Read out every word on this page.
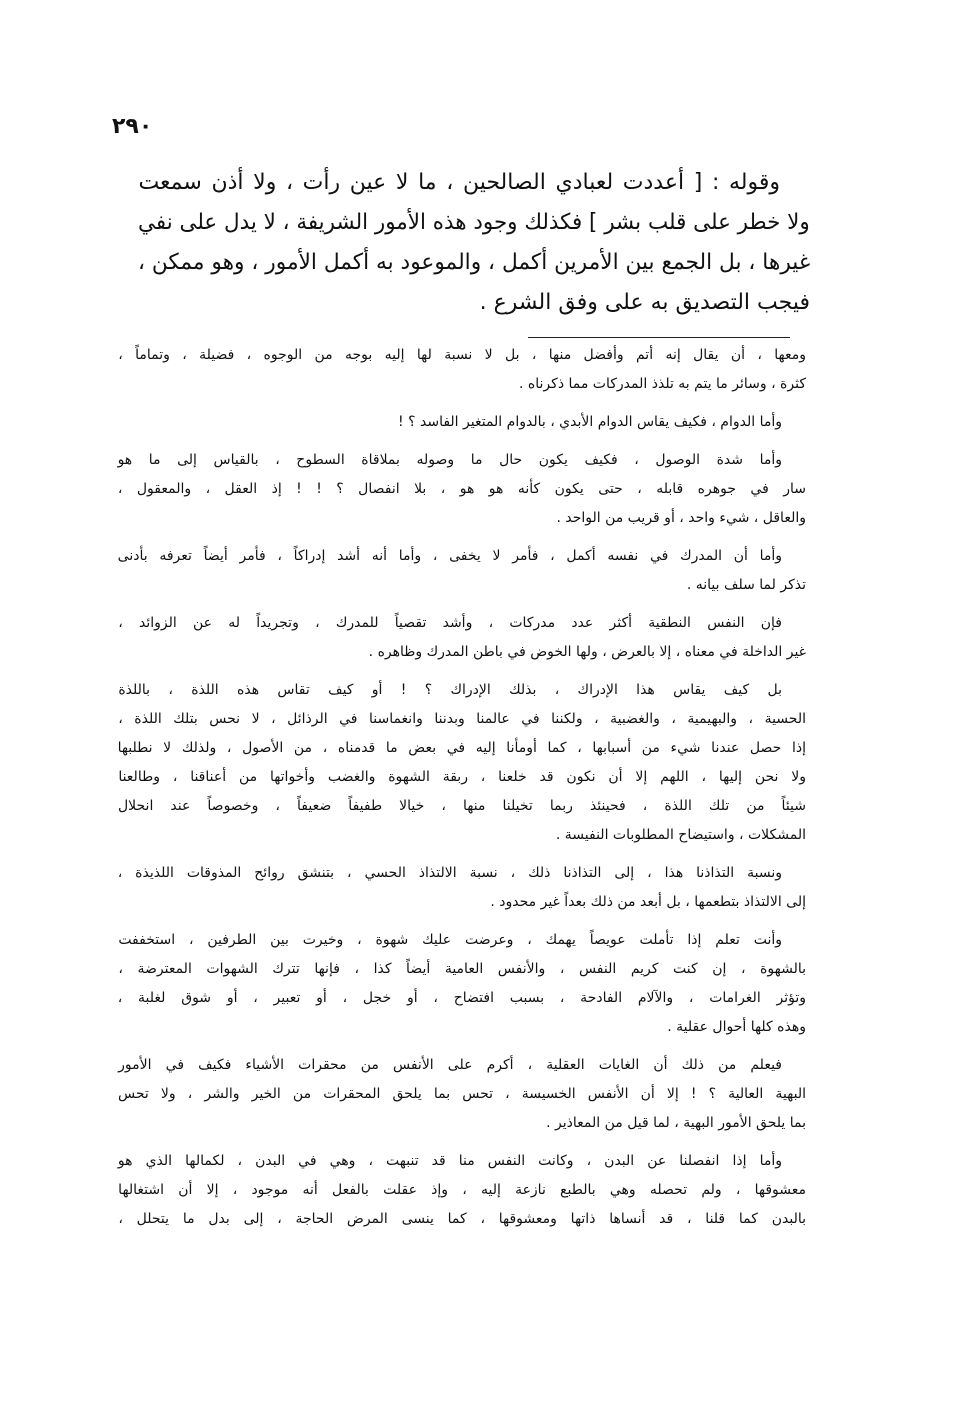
٢٩٠
وقوله : [ أعددت لعبادي الصالحين ، ما لا عين رأت ، ولا أذن سمعت
ولا خطر على قلب بشر ] فكذلك وجود هذه الأمور الشريفة ، لا يدل على نفي
غيرها ، بل الجمع بين الأمرين أكمل ، والموعود به أكمل الأمور ، وهو ممكن ،
فيجب التصديق به على وفق الشرع .
ومعها ، أن يقال إنه أتم وأفضل منها ، بل لا نسبة لها إليه بوجه من الوجوه ، فضيلة ، وتماماً ،
كثرة ، وسائر ما يتم به تلذذ المدركات مما ذكرناه .
وأما الدوام ، فكيف يقاس الدوام الأبدي ، بالدوام المتغير الفاسد ؟ !
وأما شدة الوصول ، فكيف يكون حال ما وصوله بملاقاة السطوح ، بالقياس إلى ما هو
سار في جوهره قابله ، حتى يكون كأنه هو هو ، بلا انفصال ؟ ! ! إذ العقل ، والمعقول ،
والعاقل ، شيء واحد ، أو قريب من الواحد .
وأما أن المدرك في نفسه أكمل ، فأمر لا يخفى ، وأما أنه أشد إدراكاً ، فأمر أيضاً تعرفه بأدنى
تذكر لما سلف بيانه .
فإن النفس النطقية أكثر عدد مدركات ، وأشد تقصياً للمدرك ، وتجريداً له عن الزوائد ،
غير الداخلة في معناه ، إلا بالعرض ، ولها الخوض في باطن المدرك وظاهره .
بل كيف يقاس هذا الإدراك ، بذلك الإدراك ؟ ! أو كيف تقاس هذه اللذة ، باللذة
الحسية ، والبهيمية ، والغضبية ، ولكننا في عالمنا وبدننا وانغماسنا في الرذائل ، لا نحس بتلك اللذة ،
إذا حصل عندنا شيء من أسبابها ، كما أومأنا إليه في بعض ما قدمناه ، من الأصول ، ولذلك لا نطلبها
ولا نحن إليها ، اللهم إلا أن نكون قد خلعنا ، ربقة الشهوة والغضب وأخواتها من أعناقنا ، وطالعنا
شيئاً من تلك اللذة ، فحينئذ ربما تخيلنا منها ، خيالا طفيفاً ضعيفاً ، وخصوصاً عند انحلال
المشكلات ، واستيضاح المطلوبات النفيسة .
ونسبة التذاذنا هذا ، إلى التذاذنا ذلك ، نسبة الالتذاذ الحسي ، بتنشق روائح المذوقات اللذيذة ،
إلى الالتذاذ بتطعمها ، بل أبعد من ذلك بعداً غير محدود .
وأنت تعلم إذا تأملت عويصاً يهمك ، وعرضت عليك شهوة ، وخيرت بين الطرفين ، استخففت
بالشهوة ، إن كنت كريم النفس ، والأنفس العامية أيضاً كذا ، فإنها تترك الشهوات المعترضة ،
وتؤثر الغرامات ، والآلام الفادحة ، بسبب افتضاح ، أو خجل ، أو تعبير ، أو شوق لغلبة ،
وهذه كلها أحوال عقلية .
فيعلم من ذلك أن الغايات العقلية ، أكرم على الأنفس من محقرات الأشياء فكيف في الأمور
البهية العالية ؟ ! إلا أن الأنفس الخسيسة ، تحس بما يلحق المحقرات من الخير والشر ، ولا تحس
بما يلحق الأمور البهية ، لما قيل من المعاذير .
وأما إذا انفصلنا عن البدن ، وكانت النفس منا قد تنبهت ، وهي في البدن ، لكمالها الذي هو
معشوقها ، ولم تحصله وهي بالطبع نازعة إليه ، وإذ عقلت بالفعل أنه موجود ، إلا أن اشتغالها
بالبدن كما قلنا ، قد أنساها ذاتها ومعشوقها ، كما ينسى المرض الحاجة ، إلى بدل ما يتحلل ،
